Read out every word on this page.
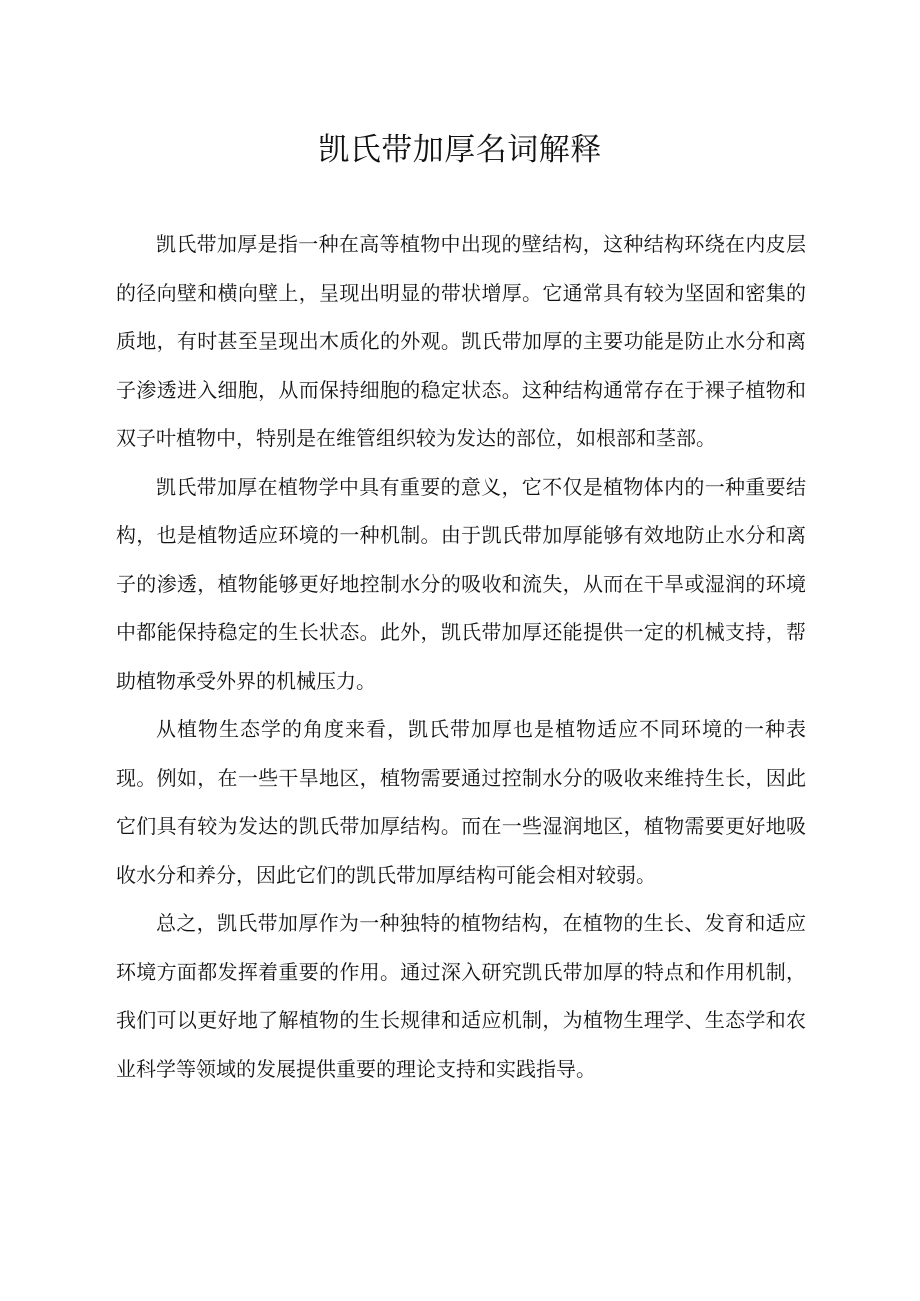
凯氏带加厚名词解释

凯氏带加厚是指一种在高等植物中出现的壁结构，这种结构环绕在内皮层的径向壁和横向壁上，呈现出明显的带状增厚。它通常具有较为坚固和密集的质地，有时甚至呈现出木质化的外观。凯氏带加厚的主要功能是防止水分和离子渗透进入细胞，从而保持细胞的稳定状态。这种结构通常存在于裸子植物和双子叶植物中，特别是在维管组织较为发达的部位，如根部和茎部。

凯氏带加厚在植物学中具有重要的意义，它不仅是植物体内的一种重要结构，也是植物适应环境的一种机制。由于凯氏带加厚能够有效地防止水分和离子的渗透，植物能够更好地控制水分的吸收和流失，从而在干旱或湿润的环境中都能保持稳定的生长状态。此外，凯氏带加厚还能提供一定的机械支持，帮助植物承受外界的机械压力。

从植物生态学的角度来看，凯氏带加厚也是植物适应不同环境的一种表现。例如，在一些干旱地区，植物需要通过控制水分的吸收来维持生长，因此它们具有较为发达的凯氏带加厚结构。而在一些湿润地区，植物需要更好地吸收水分和养分，因此它们的凯氏带加厚结构可能会相对较弱。

总之，凯氏带加厚作为一种独特的植物结构，在植物的生长、发育和适应环境方面都发挥着重要的作用。通过深入研究凯氏带加厚的特点和作用机制，我们可以更好地了解植物的生长规律和适应机制，为植物生理学、生态学和农业科学等领域的发展提供重要的理论支持和实践指导。
